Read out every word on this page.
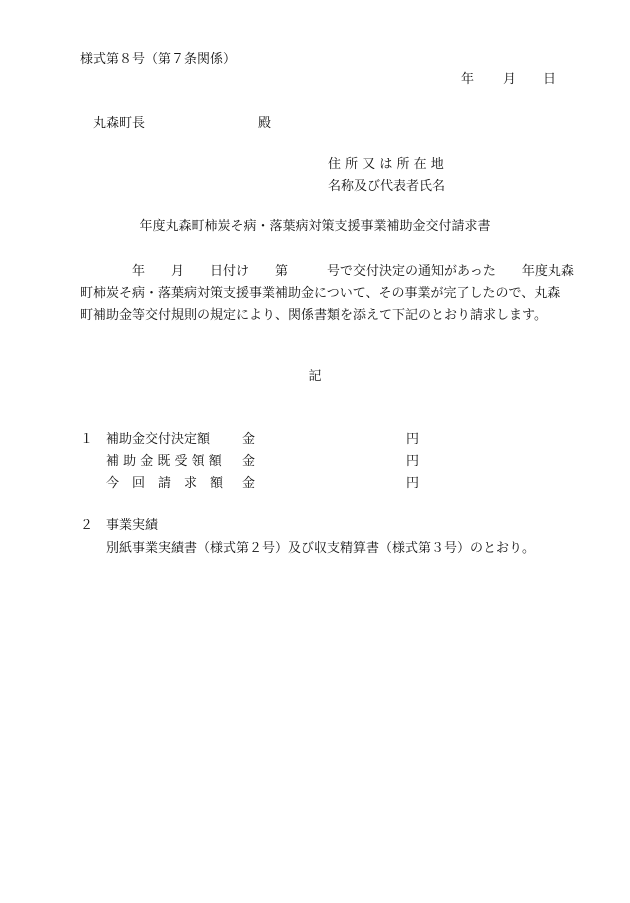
様式第８号（第７条関係）
年 月 日
丸森町長	殿
住 所 又 は 所 在 地
名称及び代表者氏名
年度丸森町柿炭そ病・落葉病対策支援事業補助金交付請求書
　　　　年　　月　　日付け　　第　　　号で交付決定の通知があった　　年度丸森
町柿炭そ病・落葉病対策支援事業補助金について、その事業が完了したので、丸森
町補助金等交付規則の規定により、関係書類を添えて下記のとおり請求します。
記
１ 補助金交付決定額 金	円
補 助 金 既 受 領 額 金	円
今　回　請　求　額 金	円
２ 事業実績
別紙事業実績書（様式第２号）及び収支精算書（様式第３号）のとおり。
